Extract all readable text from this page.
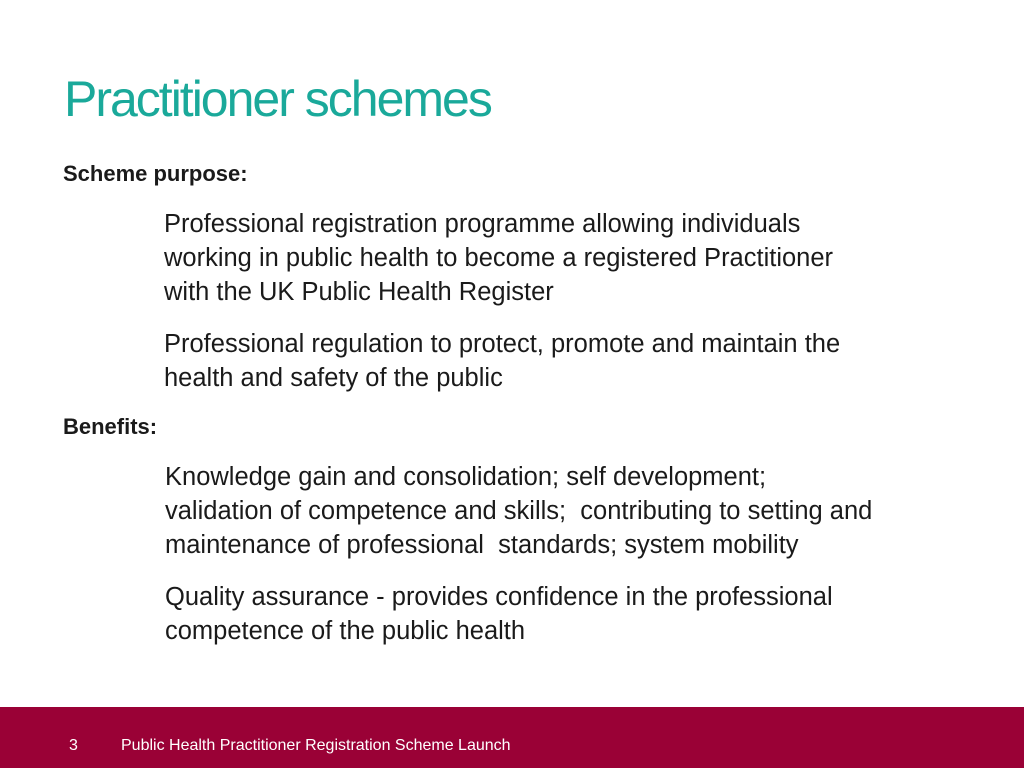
Practitioner schemes
Scheme purpose:
Professional registration programme allowing individuals
working in public health to become a registered Practitioner
with the UK Public Health Register
Professional regulation to protect, promote and maintain the
health and safety of the public
Benefits:
Knowledge gain and consolidation; self development;
validation of competence and skills;  contributing to setting and
maintenance of professional  standards; system mobility
Quality assurance - provides confidence in the professional
competence of the public health
3	Public Health Practitioner Registration Scheme Launch
